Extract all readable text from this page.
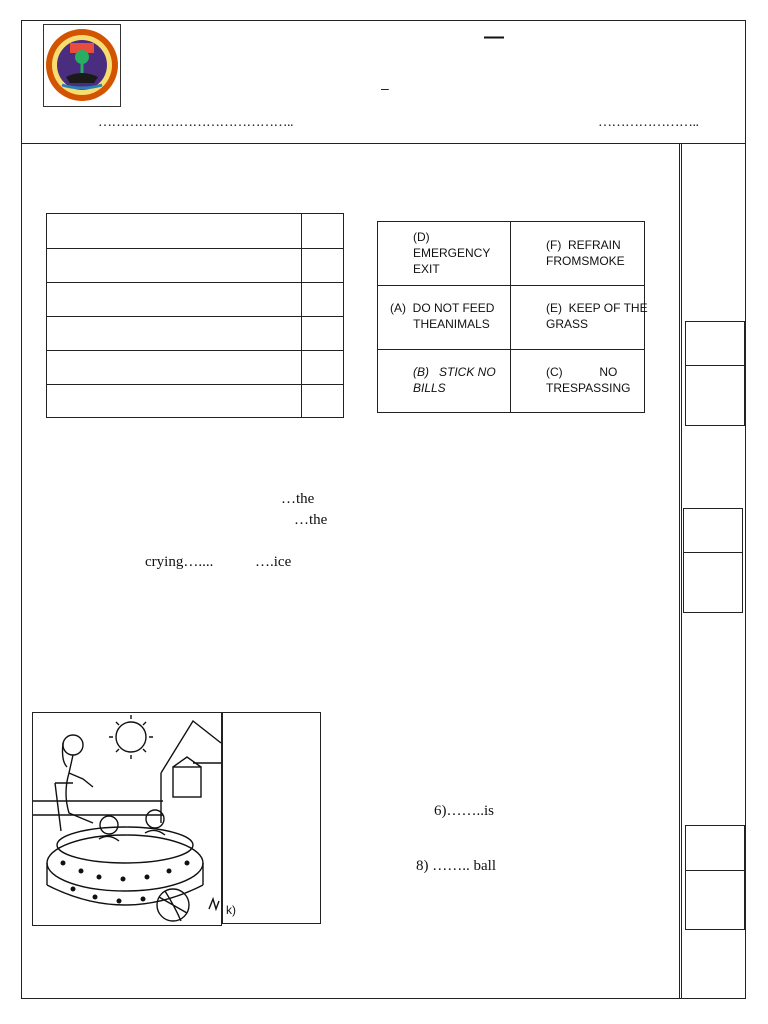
—
–
……………………………………..	…………………..
(D)
EMERGENCY
EXIT
(F)  REFRAIN
FROMSMOKE
(A)  DO NOT FEED
THEANIMALS
(E)  KEEP OF THE
GRASS
(B)   STICK NO
BILLS
(C)           NO
TRESPASSING
…the
…the
crying…....	….ice
k)
6)……..is
8) …….. ball
